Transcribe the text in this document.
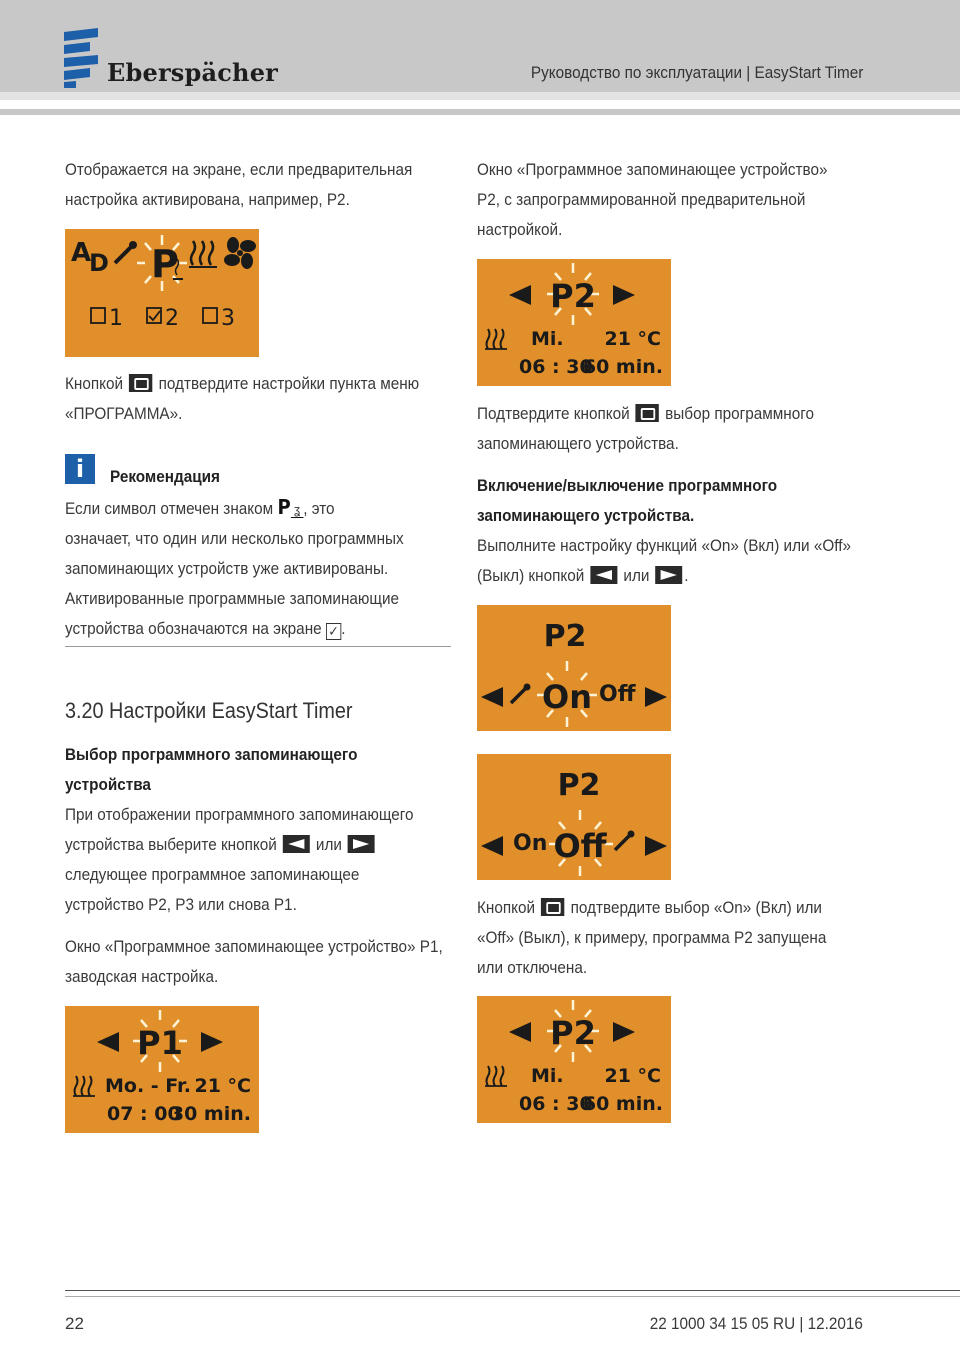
Eberspächer	Руководство по эксплуатации | EasyStart Timer
Отображается на экране, если предварительная
настройка активирована, например, P2.
A
D P
1 2 3
Кнопкой подтвердите настройки пункта меню
«ПРОГРАММА».
i	Рекомендация
Если символ отмечен знаком P ʓ , это
означает, что один или несколько программных
запоминающих устройств уже активированы.
Активированные программные запоминающие
устройства обозначаются на экране ✓ .
3.20 Настройки EasyStart Timer
Выбор программного запоминающего
устройства
При отображении программного запоминающего
устройства выберите кнопкой или
следующее программное запоминающее
устройство P2, P3 или снова P1.
Окно «Программное запоминающее устройство» P1,
заводская настройка.
P1
Mo. - Fr. 21 °C
07 : 00
30 min.
Окно «Программное запоминающее устройство»
P2, с запрограммированной предварительной
настройкой.
P2
Mi. 21 °C
06 : 30
60 min.
Подтвердите кнопкой выбор программного
запоминающего устройства.
Включение/выключение программного
запоминающего устройства.
Выполните настройку функций «On» (Вкл) или «Off»
(Выкл) кнопкой или .
P2
On Off
P2
On Off
Кнопкой подтвердите выбор «On» (Вкл) или
«Off» (Выкл), к примеру, программа P2 запущена
или отключена.
P2
Mi. 21 °C
06 : 30
60 min.
22	22 1000 34 15 05 RU | 12.2016
